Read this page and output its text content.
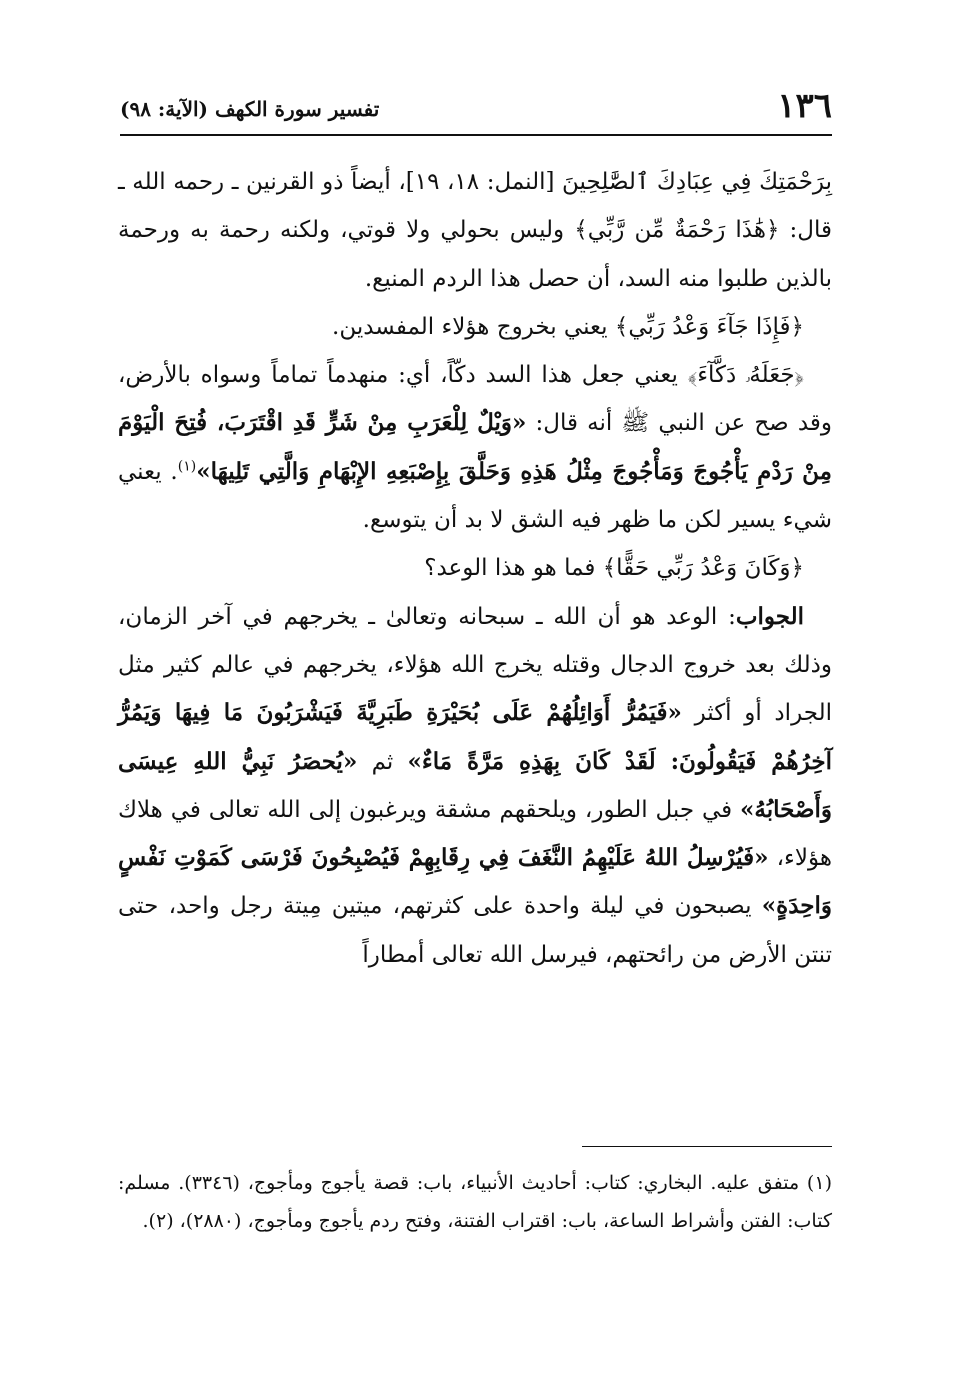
١٣٦
تفسير سورة الكهف (الآية: ٩٨)

بِرَحْمَتِكَ فِي عِبَادِكَ ٱلصَّٰلِحِينَ [النمل: ١٨، ١٩]، أيضاً ذو القرنين ـ رحمه الله ـ قال: ﴿هَٰذَا رَحْمَةٌ مِّن رَّبِّي﴾ وليس بحولي ولا قوتي، ولكنه رحمة به ورحمة بالذين طلبوا منه السد، أن حصل هذا الردم المنيع.

﴿فَإِذَا جَآءَ وَعْدُ رَبِّي﴾ يعني بخروج هؤلاء المفسدين.

﴿جَعَلَهُۥ دَكَّآءَ﴾ يعني جعل هذا السد دكّاً، أي: منهدماً تماماً وسواه بالأرض، وقد صح عن النبي ﷺ أنه قال: «وَيْلٌ لِلْعَرَبِ مِنْ شَرٍّ قَدِ اقْتَرَبَ، فُتِحَ الْيَوْمَ مِنْ رَدْمِ يَأْجُوجَ وَمَأْجُوجَ مِثْلُ هَذِهِ وَحَلَّقَ بِإِصْبَعِهِ الإِبْهَامِ وَالَّتِي تَلِيهَا»$^{(١)}$. يعني شيء يسير لكن ما ظهر فيه الشق لا بد أن يتوسع.

﴿وَكَانَ وَعْدُ رَبِّي حَقًّا﴾ فما هو هذا الوعد؟

الجواب: الوعد هو أن الله ـ سبحانه وتعالىٰ ـ يخرجهم في آخر الزمان، وذلك بعد خروج الدجال وقتله يخرج الله هؤلاء، يخرجهم في عالم كثير مثل الجراد أو أكثر «فَيَمُرُّ أَوَائِلُهُمْ عَلَى بُحَيْرَةِ طَبَرِيَّةَ فَيَشْرَبُونَ مَا فِيهَا وَيَمُرُّ آخِرُهُمْ فَيَقُولُونَ: لَقَدْ كَانَ بِهَذِهِ مَرَّةً مَاءٌ» ثم «يُحصَرُ نَبِيُّ اللهِ عِيسَى وَأَصْحَابُهُ» في جبل الطور، ويلحقهم مشقة ويرغبون إلى الله تعالى في هلاك هؤلاء، «فَيُرْسِلُ اللهُ عَلَيْهِمُ النَّغَفَ فِي رِقَابِهِمْ فَيُصْبِحُونَ فَرْسَى كَمَوْتِ نَفْسٍ وَاحِدَةٍ» يصبحون في ليلة واحدة على كثرتهم، ميتين مِيتة رجل واحد، حتى تنتن الأرض من رائحتهم، فيرسل الله تعالى أمطاراً

(١) متفق عليه. البخاري: كتاب: أحاديث الأنبياء، باب: قصة يأجوج ومأجوج، (٣٣٤٦). مسلم: كتاب: الفتن وأشراط الساعة، باب: اقتراب الفتنة، وفتح ردم يأجوج ومأجوج، (٢٨٨٠)، (٢).
